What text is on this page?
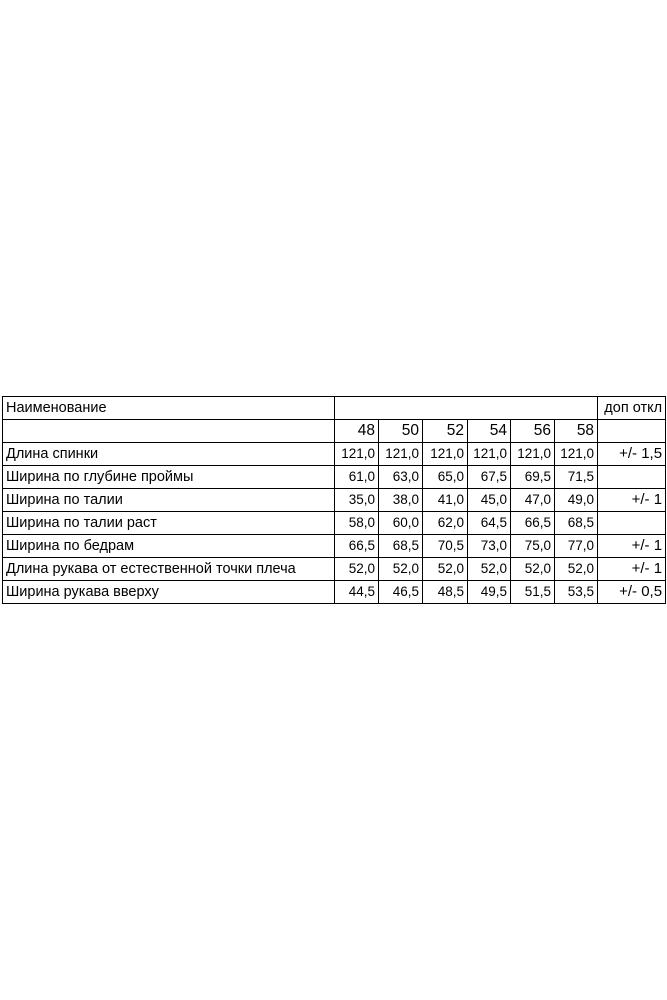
Наименование							доп откл
	48	50	52	54	56	58	
Длина спинки	121,0	121,0	121,0	121,0	121,0	121,0	+/- 1,5
Ширина по глубине проймы	61,0	63,0	65,0	67,5	69,5	71,5	
Ширина по талии	35,0	38,0	41,0	45,0	47,0	49,0	+/- 1
Ширина по талии раст	58,0	60,0	62,0	64,5	66,5	68,5	
Ширина по бедрам	66,5	68,5	70,5	73,0	75,0	77,0	+/- 1
Длина рукава от естественной точки плеча	52,0	52,0	52,0	52,0	52,0	52,0	+/- 1
Ширина рукава вверху	44,5	46,5	48,5	49,5	51,5	53,5	+/- 0,5
